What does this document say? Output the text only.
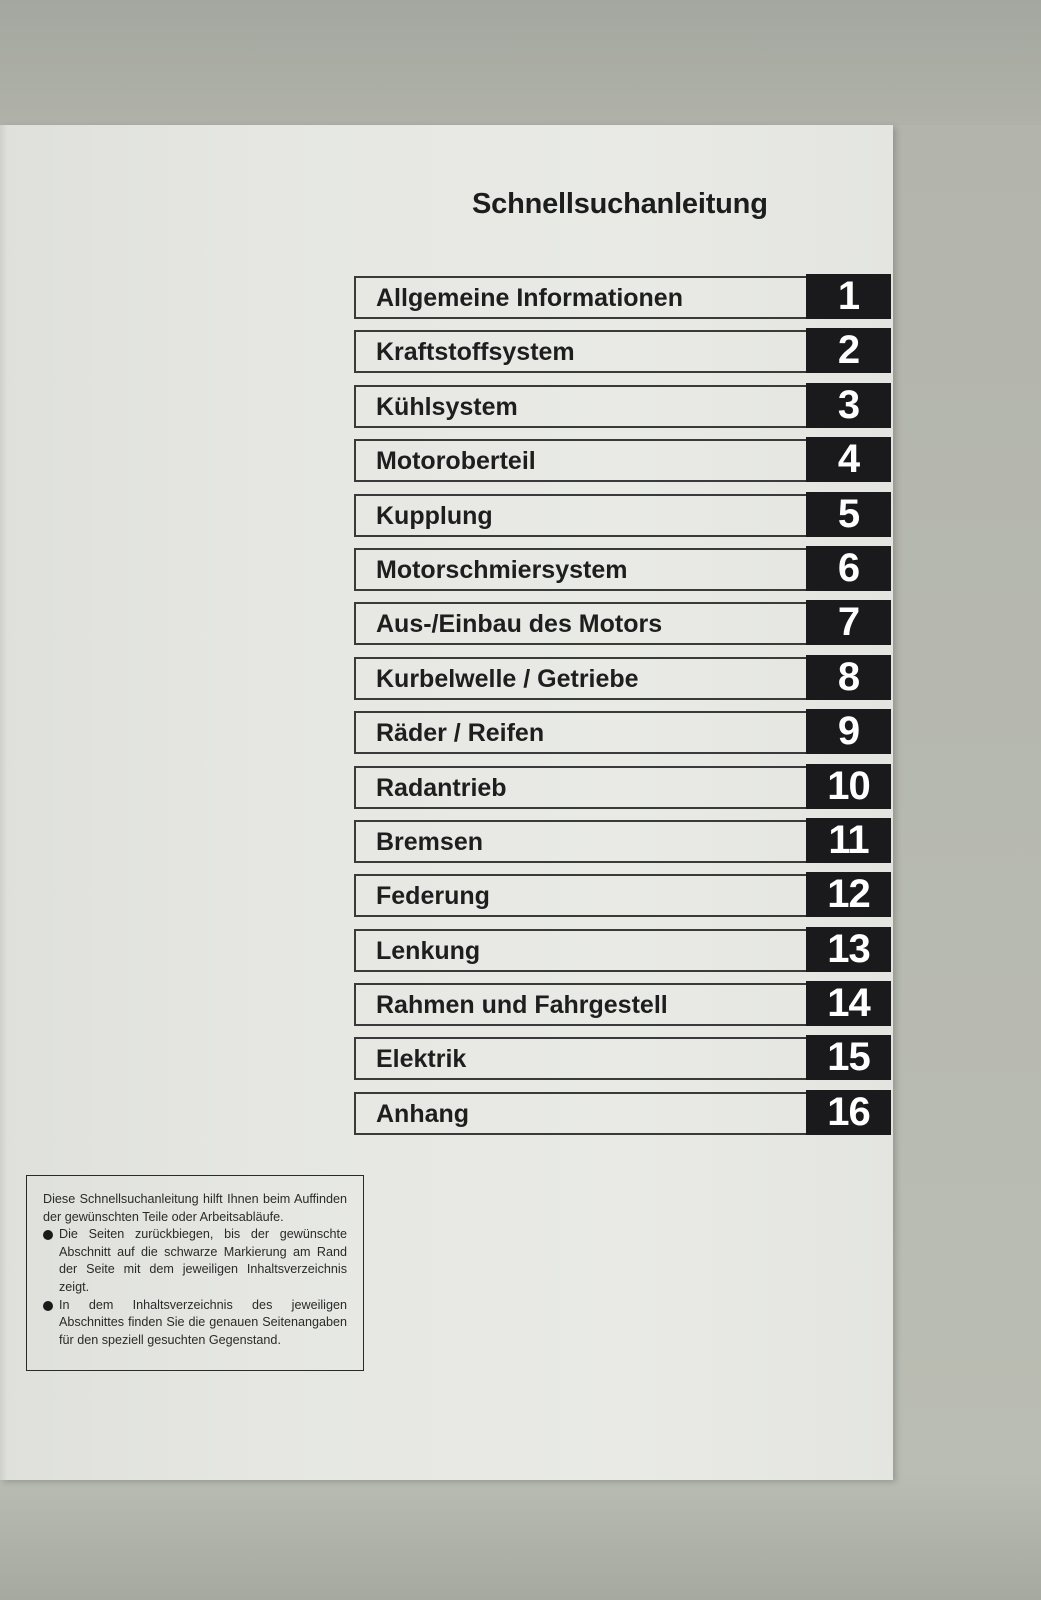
Schnellsuchanleitung
Allgemeine Informationen	1
Kraftstoffsystem	2
Kühlsystem	3
Motoroberteil	4
Kupplung	5
Motorschmiersystem	6
Aus-/Einbau des Motors	7
Kurbelwelle / Getriebe	8
Räder / Reifen	9
Radantrieb	10
Bremsen	11
Federung	12
Lenkung	13
Rahmen und Fahrgestell	14
Elektrik	15
Anhang	16

Diese Schnellsuchanleitung hilft Ihnen beim Auffinden der gewünschten Teile oder Arbeitsabläufe.

Die Seiten zurückbiegen, bis der gewünschte Abschnitt auf die schwarze Markierung am Rand der Seite mit dem jeweiligen Inhaltsverzeichnis zeigt.

In dem Inhaltsverzeichnis des jeweiligen Abschnittes finden Sie die genauen Seitenangaben für den speziell gesuchten Gegenstand.
